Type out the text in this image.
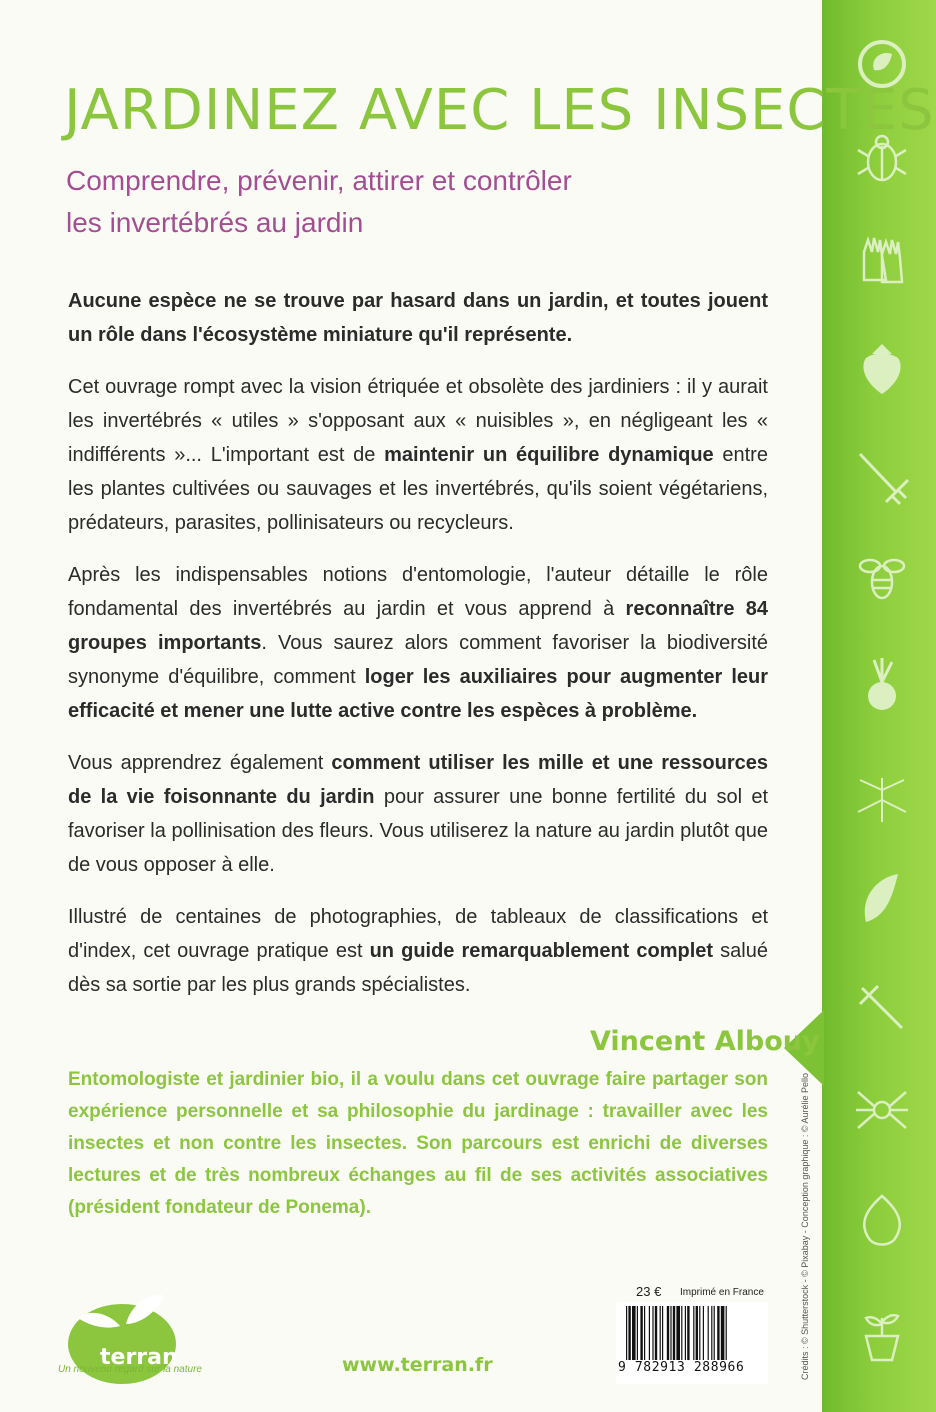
JARDINEZ AVEC LES INSECTES
Comprendre, prévenir, attirer et contrôler
les invertébrés au jardin

Aucune espèce ne se trouve par hasard dans un jardin, et toutes jouent un rôle dans l'écosystème miniature qu'il représente.

Cet ouvrage rompt avec la vision étriquée et obsolète des jardiniers : il y aurait les invertébrés « utiles » s'opposant aux « nuisibles », en négligeant les « indifférents »... L'important est de maintenir un équilibre dynamique entre les plantes cultivées ou sauvages et les invertébrés, qu'ils soient végétariens, prédateurs, parasites, pollinisateurs ou recycleurs.

Après les indispensables notions d'entomologie, l'auteur détaille le rôle fondamental des invertébrés au jardin et vous apprend à reconnaître 84 groupes importants. Vous saurez alors comment favoriser la biodiversité synonyme d'équilibre, comment loger les auxiliaires pour augmenter leur efficacité et mener une lutte active contre les espèces à problème.

Vous apprendrez également comment utiliser les mille et une ressources de la vie foisonnante du jardin pour assurer une bonne fertilité du sol et favoriser la pollinisation des fleurs. Vous utiliserez la nature au jardin plutôt que de vous opposer à elle.

Illustré de centaines de photographies, de tableaux de classifications et d'index, cet ouvrage pratique est un guide remarquablement complet salué dès sa sortie par les plus grands spécialistes.

Vincent Albouy
Entomologiste et jardinier bio, il a voulu dans cet ouvrage faire partager son expérience personnelle et sa philosophie du jardinage : travailler avec les insectes et non contre les insectes. Son parcours est enrichi de diverses lectures et de très nombreux échanges au fil de ses activités associatives (président fondateur de Ponema).
terran
Un nouveau regard sur la nature	www.terran.fr
23 € Imprimé en France
9 782913 288966	Crédits : © Shutterstock - © Pixabay - Conception graphique : © Aurélie Pello
